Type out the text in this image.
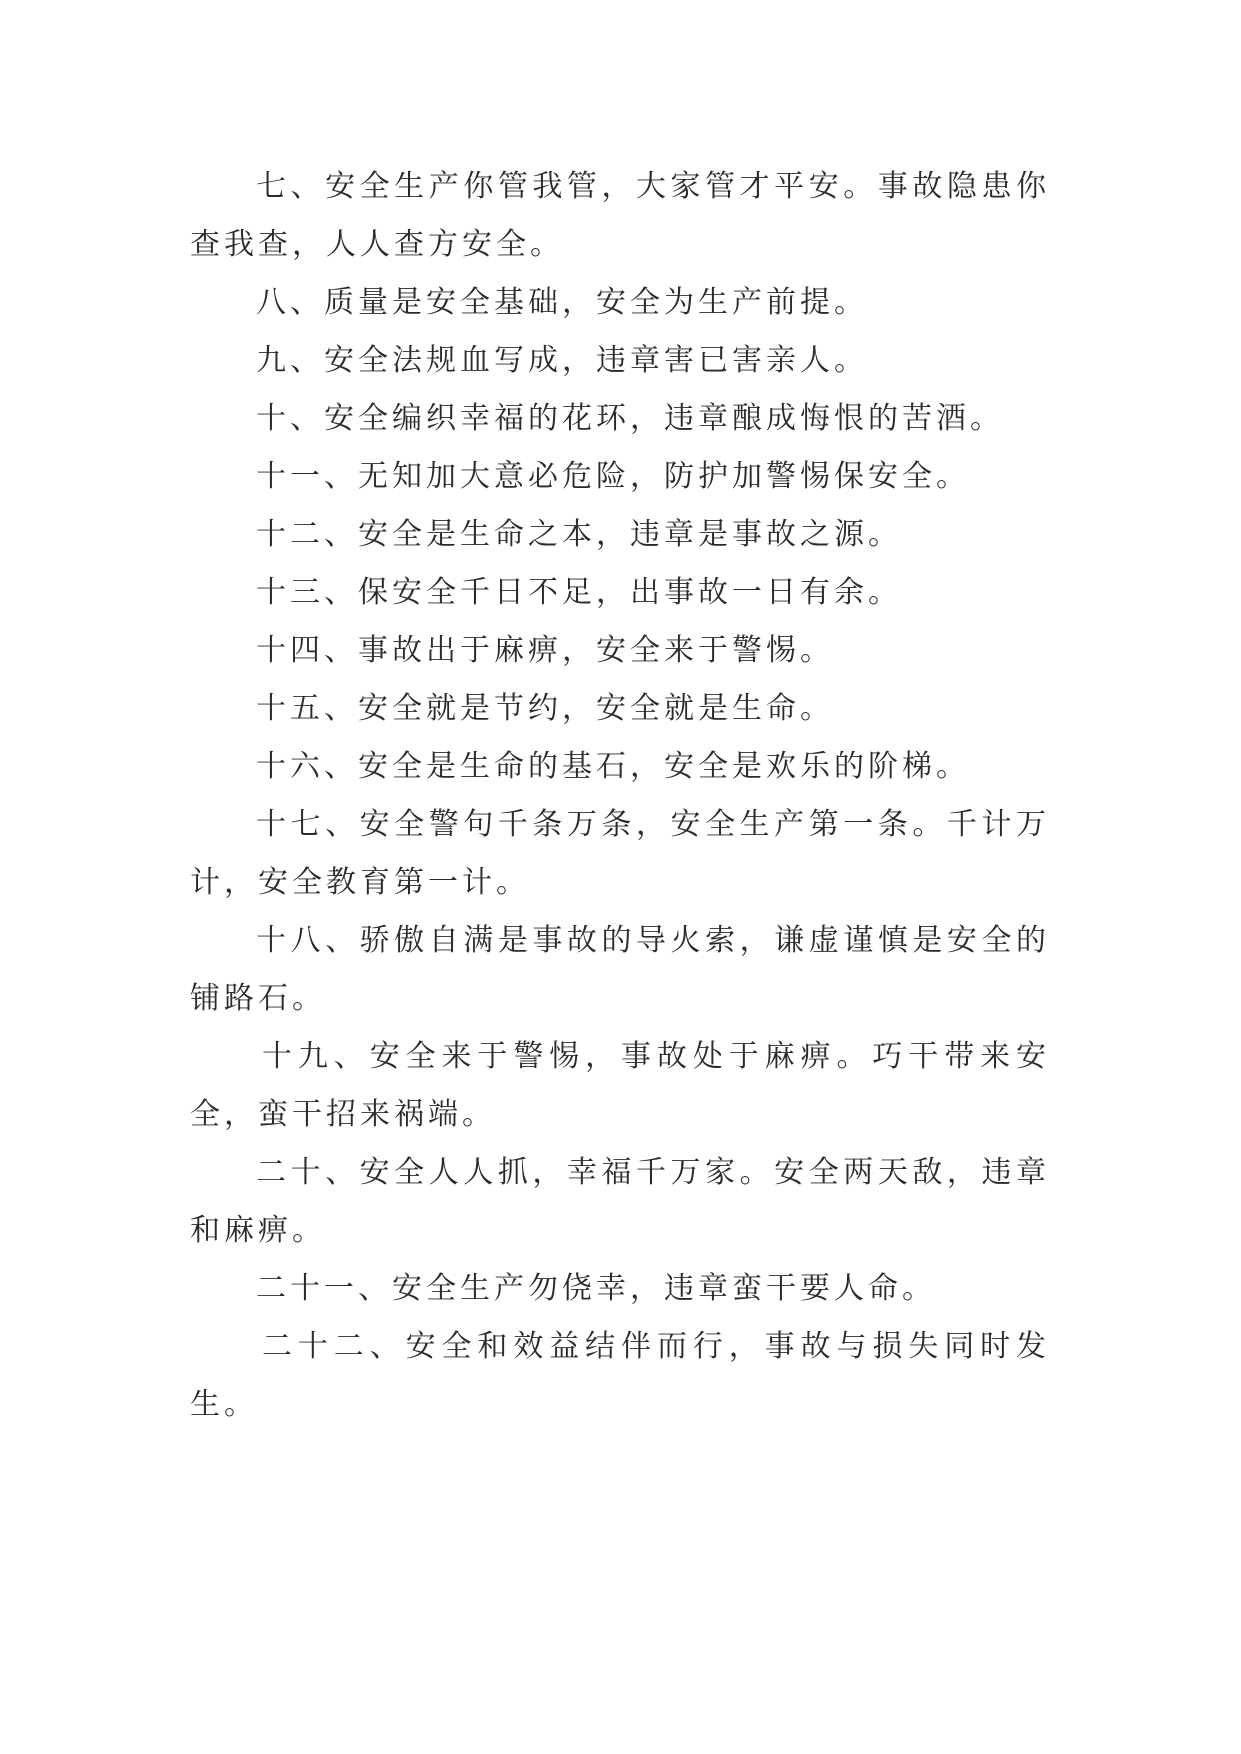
七、安全生产你管我管，大家管才平安。事故隐患你查我查，人人查方安全。

八、质量是安全基础，安全为生产前提。

九、安全法规血写成，违章害已害亲人。

十、安全编织幸福的花环，违章酿成悔恨的苦酒。

十一、无知加大意必危险，防护加警惕保安全。

十二、安全是生命之本，违章是事故之源。

十三、保安全千日不足，出事故一日有余。

十四、事故出于麻痹，安全来于警惕。

十五、安全就是节约，安全就是生命。

十六、安全是生命的基石，安全是欢乐的阶梯。

十七、安全警句千条万条，安全生产第一条。千计万计，安全教育第一计。

十八、骄傲自满是事故的导火索，谦虚谨慎是安全的铺路石。

十九、安全来于警惕，事故处于麻痹。巧干带来安全，蛮干招来祸端。

二十、安全人人抓，幸福千万家。安全两天敌，违章和麻痹。

二十一、安全生产勿侥幸，违章蛮干要人命。

二十二、安全和效益结伴而行，事故与损失同时发生。
